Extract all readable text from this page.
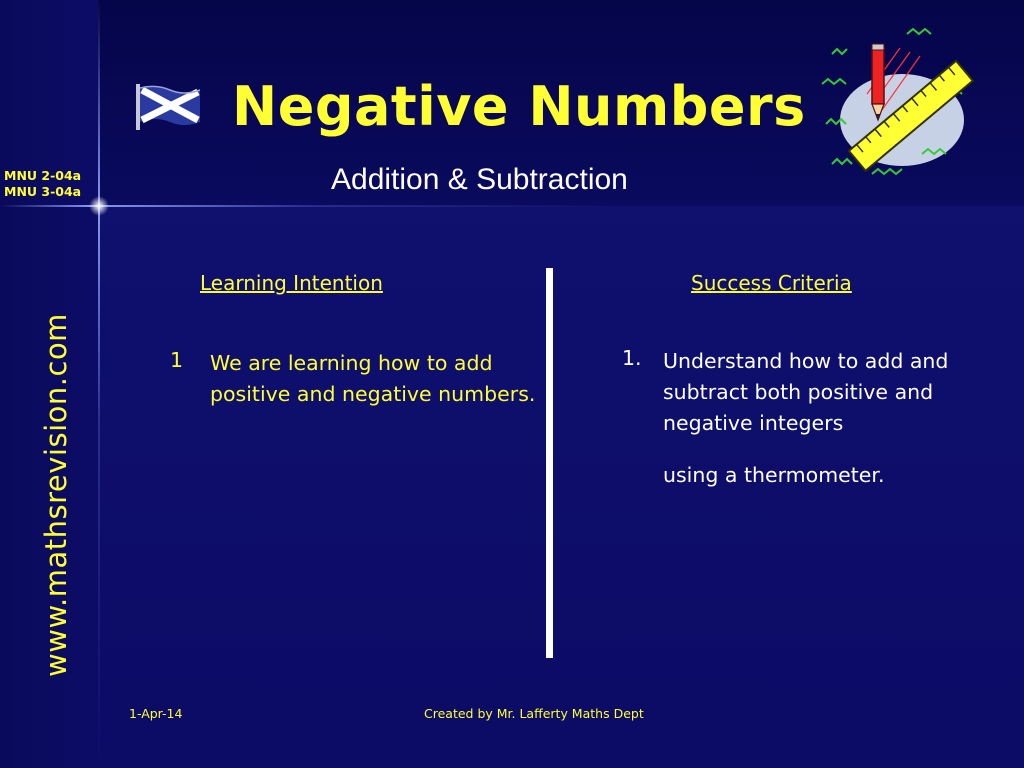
MNU 2-04a
MNU 3-04a
www.mathsrevision.com
Negative Numbers
Addition & Subtraction
Learning Intention	Success Criteria
1 We are learning how to add positive and negative numbers.
1. Understand how to add and subtract both positive and negative integers
using a thermometer.
1-Apr-14	Created by Mr. Lafferty Maths Dept
